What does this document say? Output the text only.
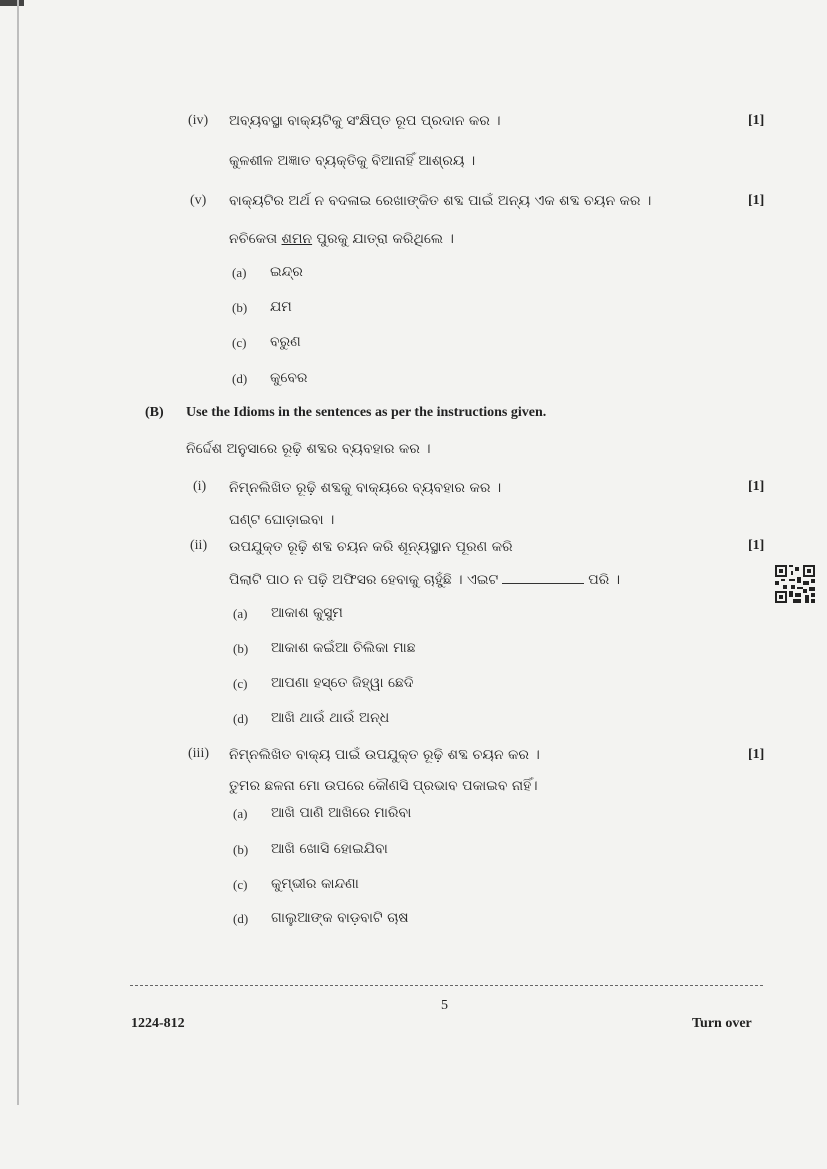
(iv) ଅବ୍ୟବସ୍ଥା ବାକ୍ୟଟିକୁ ସଂକ୍ଷିପ୍ତ ରୂପ ପ୍ରଦାନ କର ।	[1]
କୁଳଶୀଳ ଅଜ୍ଞାତ ବ୍ୟକ୍ତିକୁ ବିଆନାହିଁ ଆଶ୍ରୟ ।
(v) ବାକ୍ୟଟିର ଅର୍ଥ ନ ବଦଳାଇ ରେଖାଙ୍କିତ ଶବ୍ଦ ପାଇଁ ଅନ୍ୟ ଏକ ଶବ୍ଦ ଚୟନ କର ।	[1]
ନଚିକେତା ଶମନ ପୁରକୁ ଯାତ୍ରା କରିଥିଲେ ।
(a) ଇନ୍ଦ୍ର
(b) ଯମ
(c) ବରୁଣ
(d) କୁବେର
(B) Use the Idioms in the sentences as per the instructions given.
ନିର୍ଦ୍ଦେଶ ଅନୁସାରେ ରୂଢ଼ି ଶବ୍ଦର ବ୍ୟବହାର କର ।
(i) ନିମ୍ନଲିଖିତ ରୂଢ଼ି ଶବ୍ଦକୁ ବାକ୍ୟରେ ବ୍ୟବହାର କର ।	[1]
ଘଣ୍ଟ ଘୋଡ଼ାଇବା ।
(ii) ଉପଯୁକ୍ତ ରୂଢ଼ି ଶବ୍ଦ ଚୟନ କରି ଶୂନ୍ୟସ୍ଥାନ ପୂରଣ କରି	[1]
ପିଲାଟି ପାଠ ନ ପଢ଼ି ଅଫିସର ହେବାକୁ ଚାହୁଁଛି । ଏଇଟ	ପରି ।
(a) ଆକାଶ କୁସୁମ
(b) ଆକାଶ କଇଁଆ ଚିଲିକା ମାଛ
(c) ଆପଣା ହସ୍ତେ ଜିହ୍ୱା ଛେଦି
(d) ଆଖି ଥାଉଁ ଥାଉଁ ଅନ୍ଧ
(iii) ନିମ୍ନଲିଖିତ ବାକ୍ୟ ପାଇଁ ଉପଯୁକ୍ତ ରୂଢ଼ି ଶବ୍ଦ ଚୟନ କର ।	[1]
ତୁମର ଛଳନା ମୋ ଉପରେ କୌଣସି ପ୍ରଭାବ ପକାଇବ ନାହିଁ।
(a) ଆଖି ପାଣି ଆଖିରେ ମାରିବା
(b) ଆଖି ଖୋସି ହୋଇଯିବା
(c) କୁମ୍ଭୀର କାନ୍ଦଣା
(d) ଗାଲୁଆଙ୍କ ବାଡ଼ବାଟି ଚାଷ
5
1224-812	Turn over
